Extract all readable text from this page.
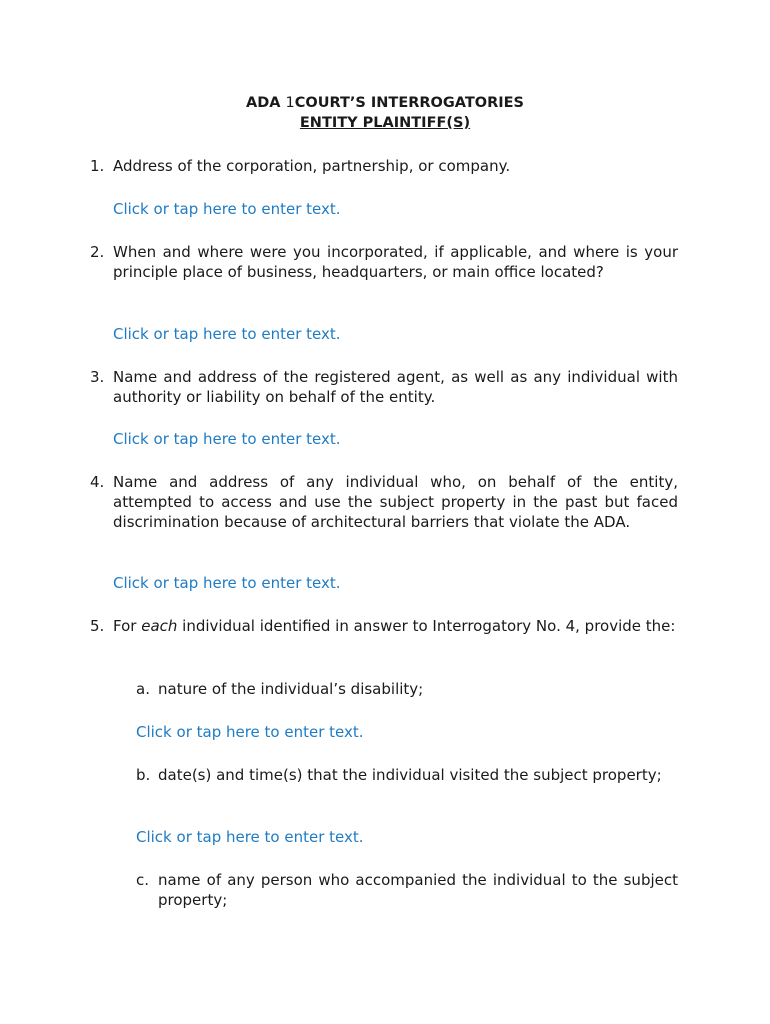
ADA 1COURT’S INTERROGATORIES
ENTITY PLAINTIFF(S)
1. Address of the corporation, partnership, or company.
Click or tap here to enter text.
2. When and where were you incorporated, if applicable, and where is your principle place of business, headquarters, or main office located?
Click or tap here to enter text.
3. Name and address of the registered agent, as well as any individual with authority or liability on behalf of the entity.
Click or tap here to enter text.
4. Name and address of any individual who, on behalf of the entity, attempted to access and use the subject property in the past but faced discrimination because of architectural barriers that violate the ADA.
Click or tap here to enter text.
5. For each individual identified in answer to Interrogatory No. 4, provide the:
a. nature of the individual’s disability;
Click or tap here to enter text.
b. date(s) and time(s) that the individual visited the subject property;
Click or tap here to enter text.
c. name of any person who accompanied the individual to the subject property;
